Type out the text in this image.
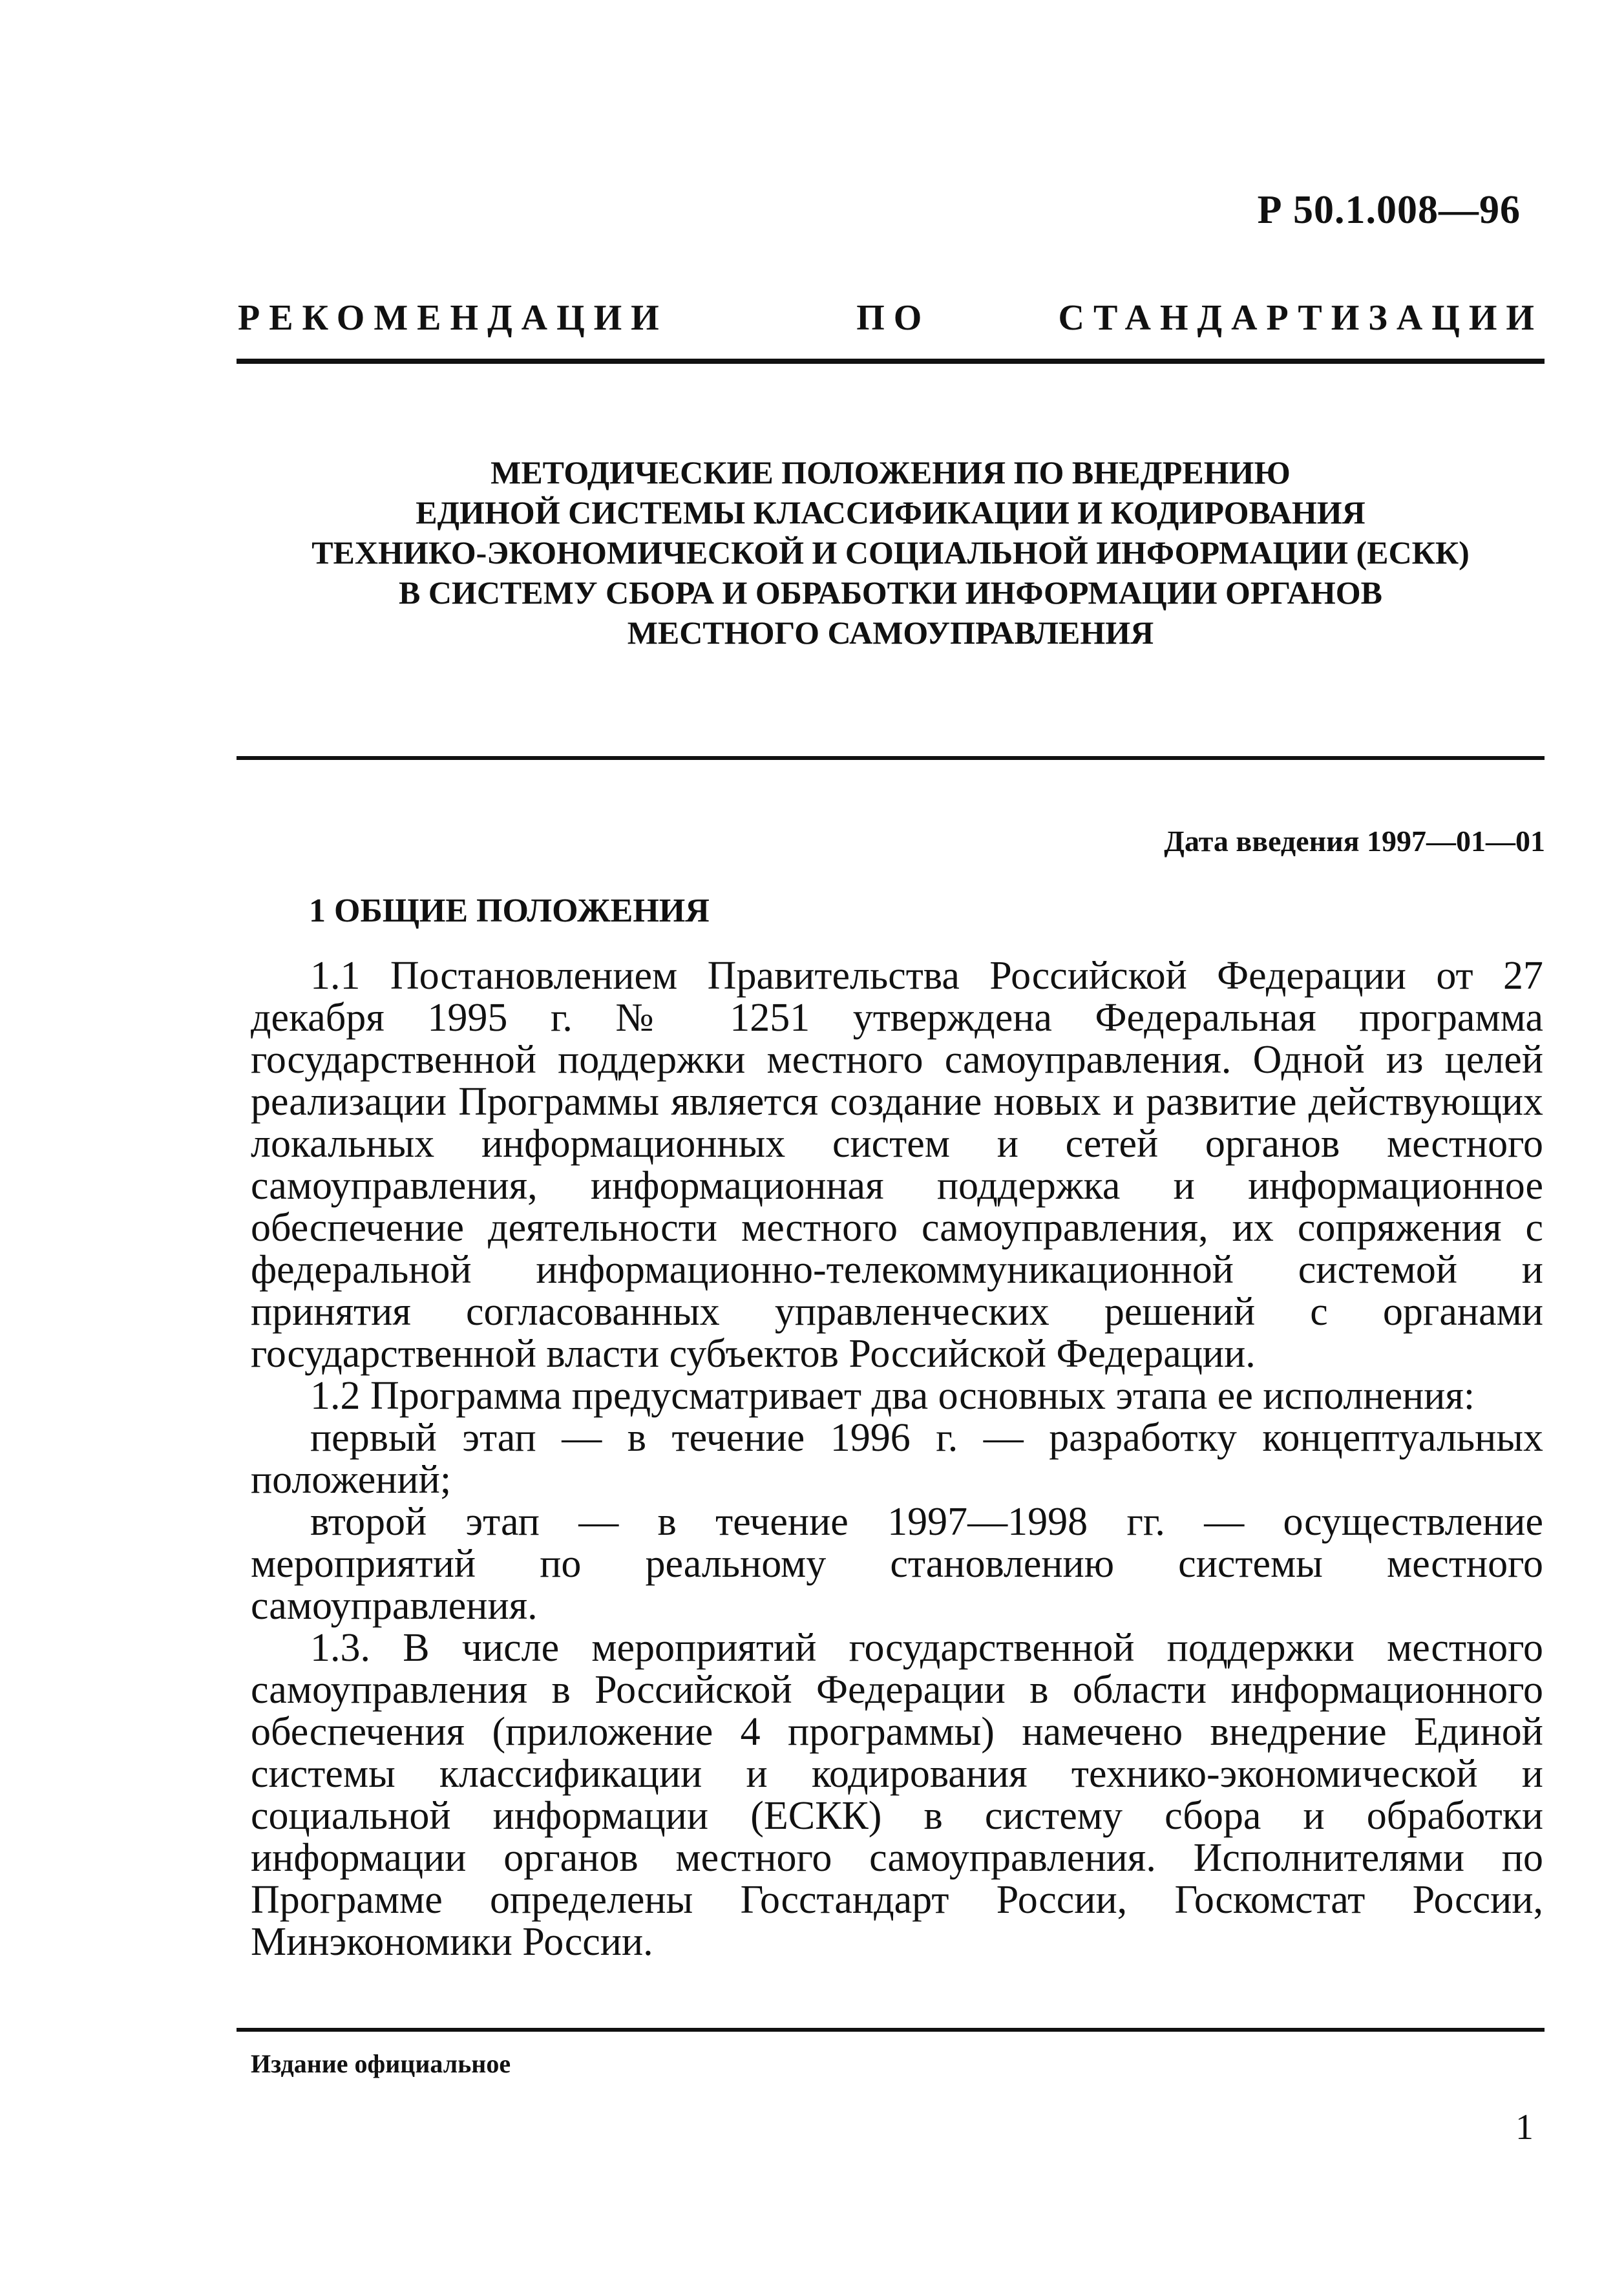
Р 50.1.008—96
РЕКОМЕНДАЦИИ	ПО	СТАНДАРТИЗАЦИИ
МЕТОДИЧЕСКИЕ ПОЛОЖЕНИЯ ПО ВНЕДРЕНИЮ
ЕДИНОЙ СИСТЕМЫ КЛАССИФИКАЦИИ И КОДИРОВАНИЯ
ТЕХНИКО-ЭКОНОМИЧЕСКОЙ И СОЦИАЛЬНОЙ ИНФОРМАЦИИ (ЕСКК)
В СИСТЕМУ СБОРА И ОБРАБОТКИ ИНФОРМАЦИИ ОРГАНОВ
МЕСТНОГО САМОУПРАВЛЕНИЯ
Дата введения 1997—01—01
1 ОБЩИЕ ПОЛОЖЕНИЯ

1.1 Постановлением Правительства Российской Федерации от 27 декабря 1995 г. № 1251 утверждена Федеральная программа государственной поддержки местного самоуправления. Одной из целей реализации Программы является создание новых и развитие действующих локальных информационных систем и сетей органов местного самоуправления, информационная поддержка и информационное обеспечение деятельности местного самоуправления, их сопряжения с федеральной информационно-телекоммуникационной системой и принятия согласованных управленческих решений с органами государственной власти субъектов Российской Федерации.

1.2 Программа предусматривает два основных этапа ее исполнения:

первый этап — в течение 1996 г. — разработку концептуальных положений;

второй этап — в течение 1997—1998 гг. — осуществление мероприятий по реальному становлению системы местного самоуправления.

1.3. В числе мероприятий государственной поддержки местного самоуправления в Российской Федерации в области информационного обеспечения (приложение 4 программы) намечено внедрение Единой системы классификации и кодирования технико-экономической и социальной информации (ЕСКК) в систему сбора и обработки информации органов местного самоуправления. Исполнителями по Программе определены Госстандарт России, Госкомстат России, Минэкономики России.

Издание официальное
1
